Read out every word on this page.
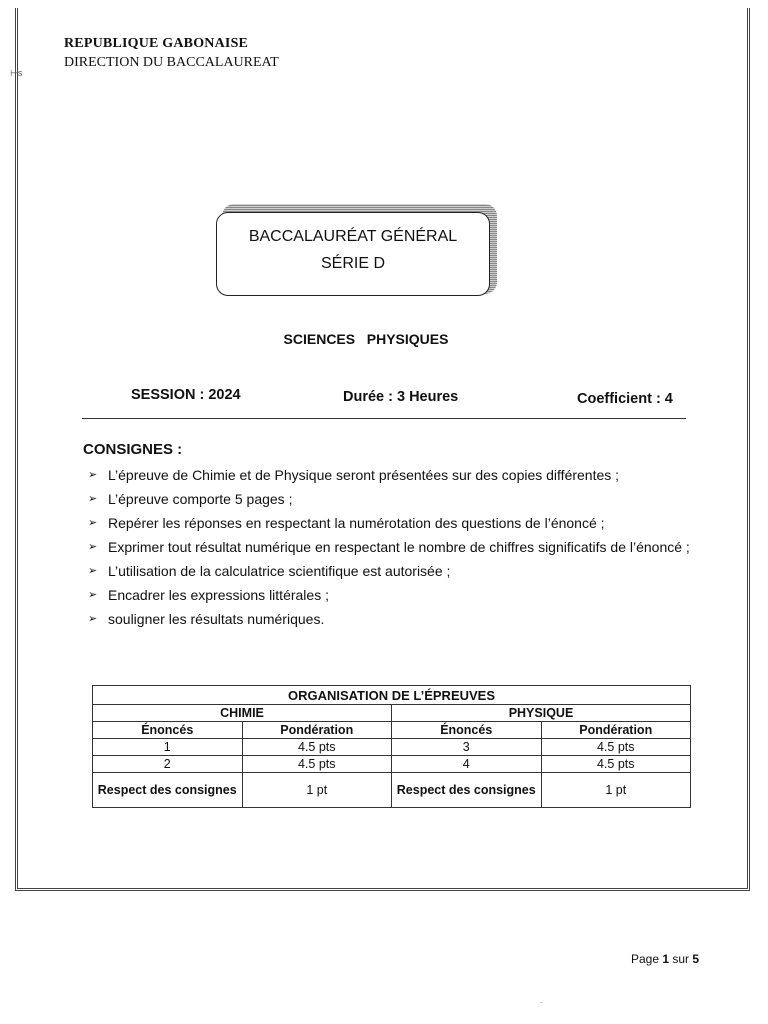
⊢s
REPUBLIQUE GABONAISE
DIRECTION DU BACCALAUREAT
BACCALAURÉAT GÉNÉRAL
SÉRIE D
SCIENCES   PHYSIQUES
SESSION : 2024	Durée : 3 Heures	Coefficient : 4
CONSIGNES :
➢ L’épreuve de Chimie et de Physique seront présentées sur des copies différentes ;
➢ L’épreuve comporte 5 pages ;
➢ Repérer les réponses en respectant la numérotation des questions de l’énoncé ;
➢ Exprimer tout résultat numérique en respectant le nombre de chiffres significatifs de l’énoncé ;
➢ L’utilisation de la calculatrice scientifique est autorisée ;
➢ Encadrer les expressions littérales ;
➢ souligner les résultats numériques.
ORGANISATION DE L’ÉPREUVES			
CHIMIE		PHYSIQUE	
Énoncés	Pondération	Énoncés	Pondération
1	4.5 pts	3	4.5 pts
2	4.5 pts	4	4.5 pts
Respect des consignes	1 pt	Respect des consignes	1 pt
Page 1 sur 5
-
